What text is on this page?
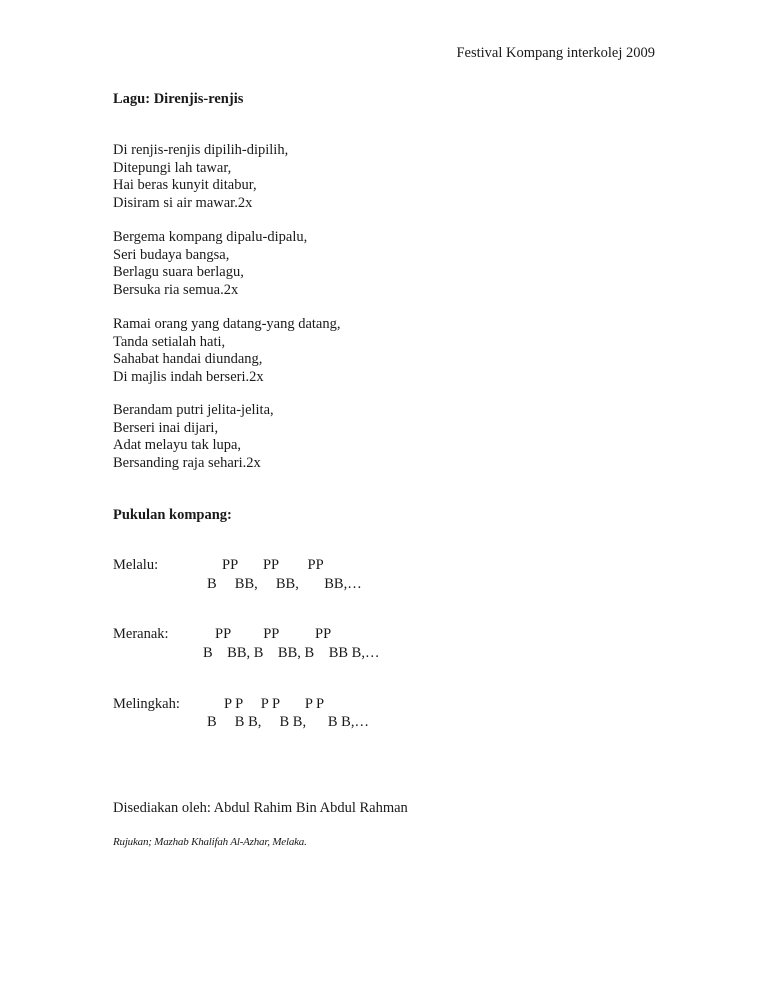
Festival Kompang interkolej 2009
Lagu: Direnjis-renjis
Di renjis-renjis dipilih-dipilih,
Ditepungi lah tawar,
Hai beras kunyit ditabur,
Disiram si air mawar.2x
Bergema kompang dipalu-dipalu,
Seri budaya bangsa,
Berlagu suara berlagu,
Bersuka ria semua.2x
Ramai orang yang datang-yang datang,
Tanda setialah hati,
Sahabat handai diundang,
Di majlis indah berseri.2x
Berandam putri jelita-jelita,
Berseri inai dijari,
Adat melayu tak lupa,
Bersanding raja sehari.2x
Pukulan kompang:
Melalu:	PP       PP        PP
B     BB,     BB,       BB,…
Meranak:	PP         PP          PP
B    BB, B    BB, B    BB B,…
Melingkah:	P P     P P       P P
B     B B,     B B,      B B,…
Disediakan oleh: Abdul Rahim Bin Abdul Rahman
Rujukan; Mazhab Khalifah Al-Azhar, Melaka.
